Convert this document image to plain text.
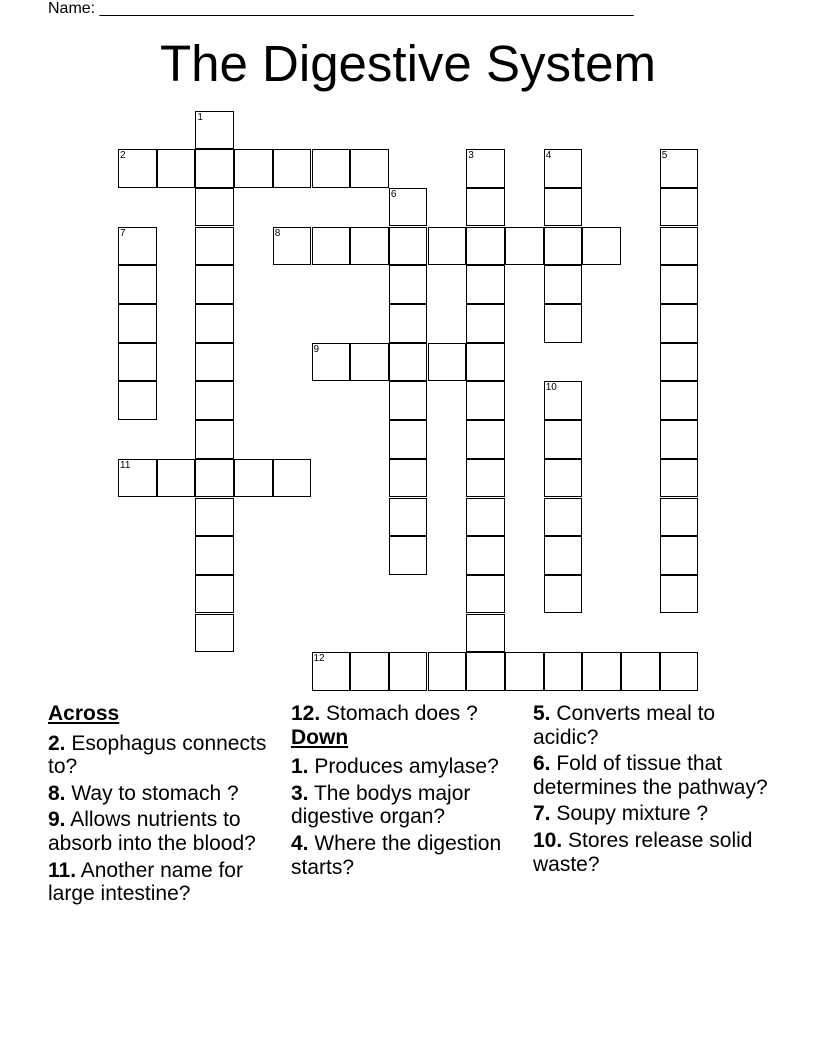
Name: ____________________________________________________________
The Digestive System
1
2	3	4	5
6
7	8
9
10
11
12
Across
2. Esophagus connects to?
8. Way to stomach ?
9. Allows nutrients to absorb into the blood?
11. Another name for large intestine?
12. Stomach does ?
Down
1. Produces amylase?
3. The bodys major digestive organ?
4. Where the digestion starts?
5. Converts meal to acidic?
6. Fold of tissue that determines the pathway?
7. Soupy mixture ?
10. Stores release solid waste?
